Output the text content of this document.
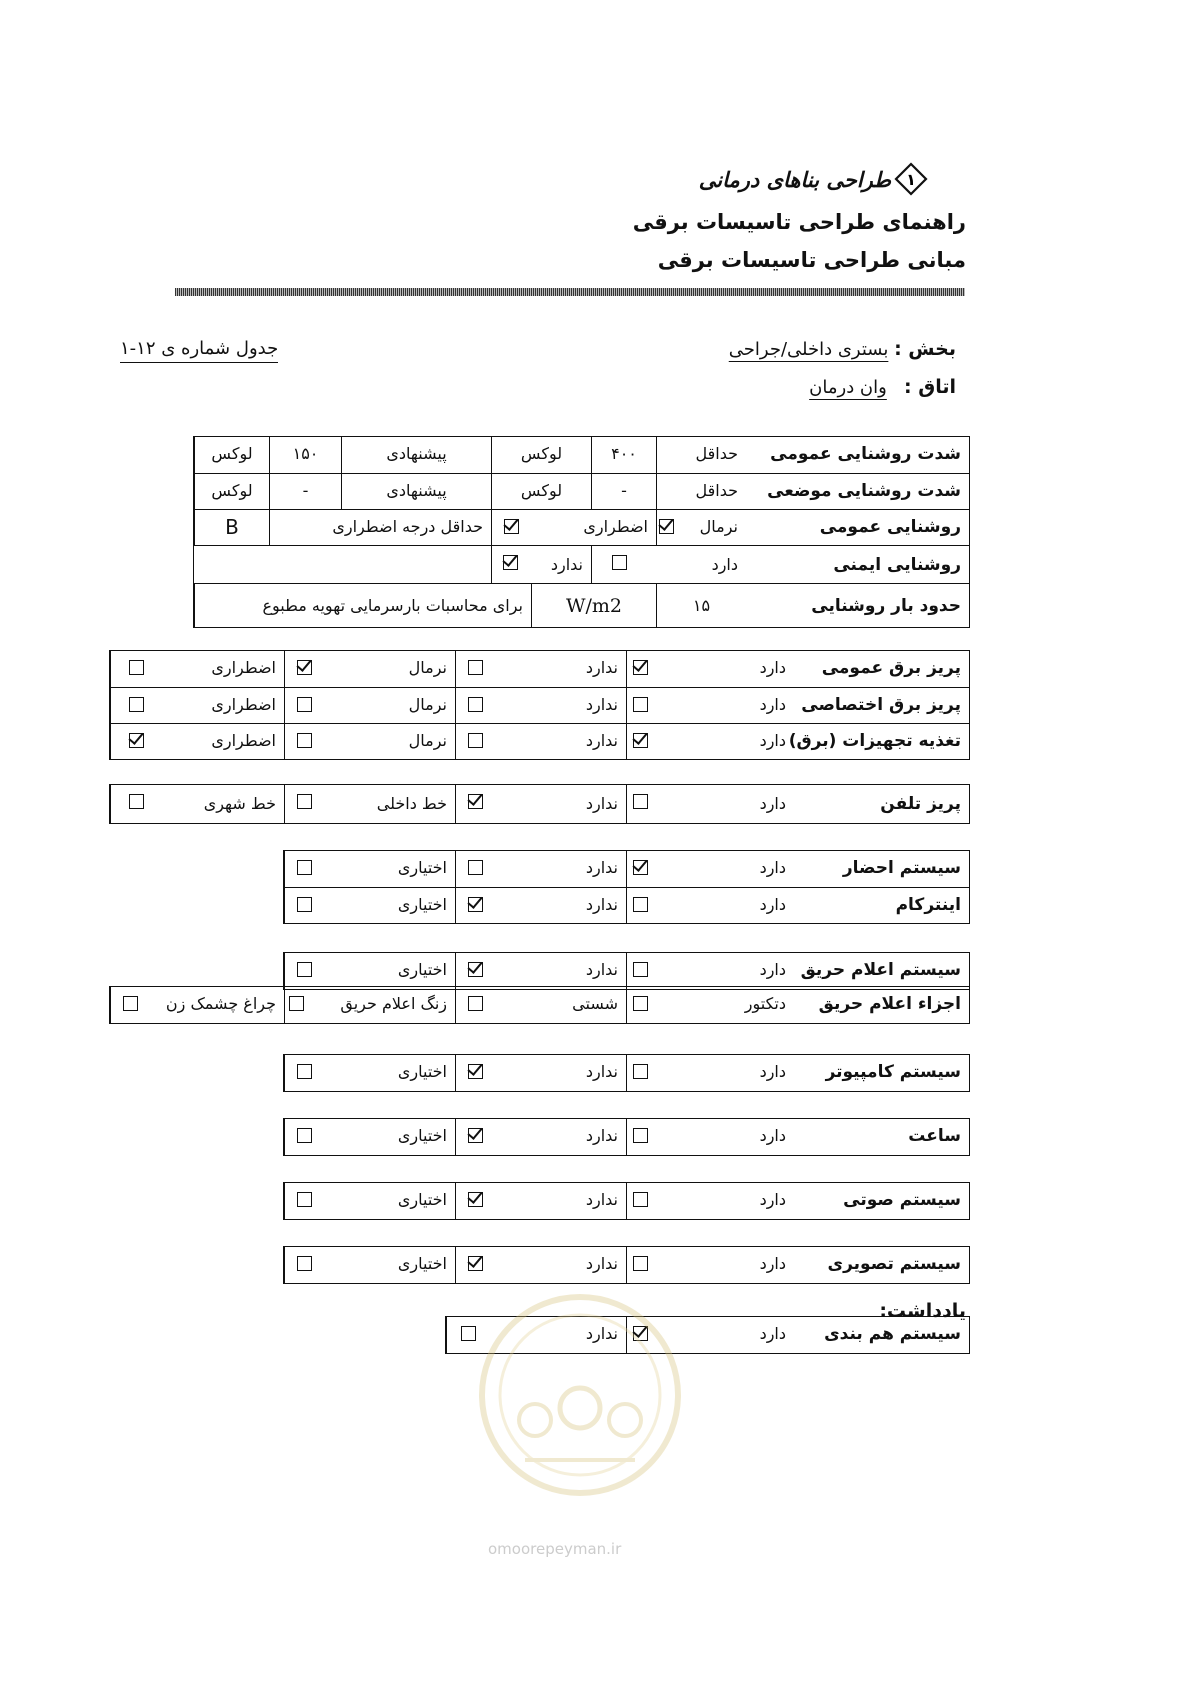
طراحی بناهای درمانی ۱
راهنمای طراحی تاسیسات برقی
مبانی طراحی تاسیسات برقی
بخش : بستری داخلی/جراحی
اتاق :   وان درمان
جدول شماره ی ۱۲-۱
شدت روشنایی عمومی
حداقل
۴۰۰
لوکس
پیشنهادی
۱۵۰
لوکس
شدت روشنایی موضعی
حداقل
-
لوکس
پیشنهادی
-
لوکس
روشنایی عمومی
نرمال
اضطراری
حداقل درجه اضطراری
B
روشنایی ایمنی
دارد
ندارد
حدود بار روشنایی
۱۵
W/m2
برای محاسبات بارسرمایی تهویه مطبوع
پریز برق عمومی
دارد
ندارد
نرمال
اضطراری
پریز برق اختصاصی
دارد
ندارد
نرمال
اضطراری
تغذیه تجهیزات (برق)
دارد
ندارد
نرمال
اضطراری
پریز تلفن
دارد
ندارد
خط داخلی
خط شهری
سیستم احضار
دارد
ندارد
اختیاری
اینترکام
دارد
ندارد
اختیاری
سیستم اعلام حریق
دارد
ندارد
اختیاری
اجزاء اعلام حریق
دتکتور
شستی
زنگ اعلام حریق
چراغ چشمک زن
سیستم کامپیوتر
دارد
ندارد
اختیاری
ساعت
دارد
ندارد
اختیاری
سیستم صوتی
دارد
ندارد
اختیاری
سیستم تصویری
دارد
ندارد
اختیاری
سیستم هم بندی
دارد
ندارد
یادداشت:
omoorepeyman.ir
